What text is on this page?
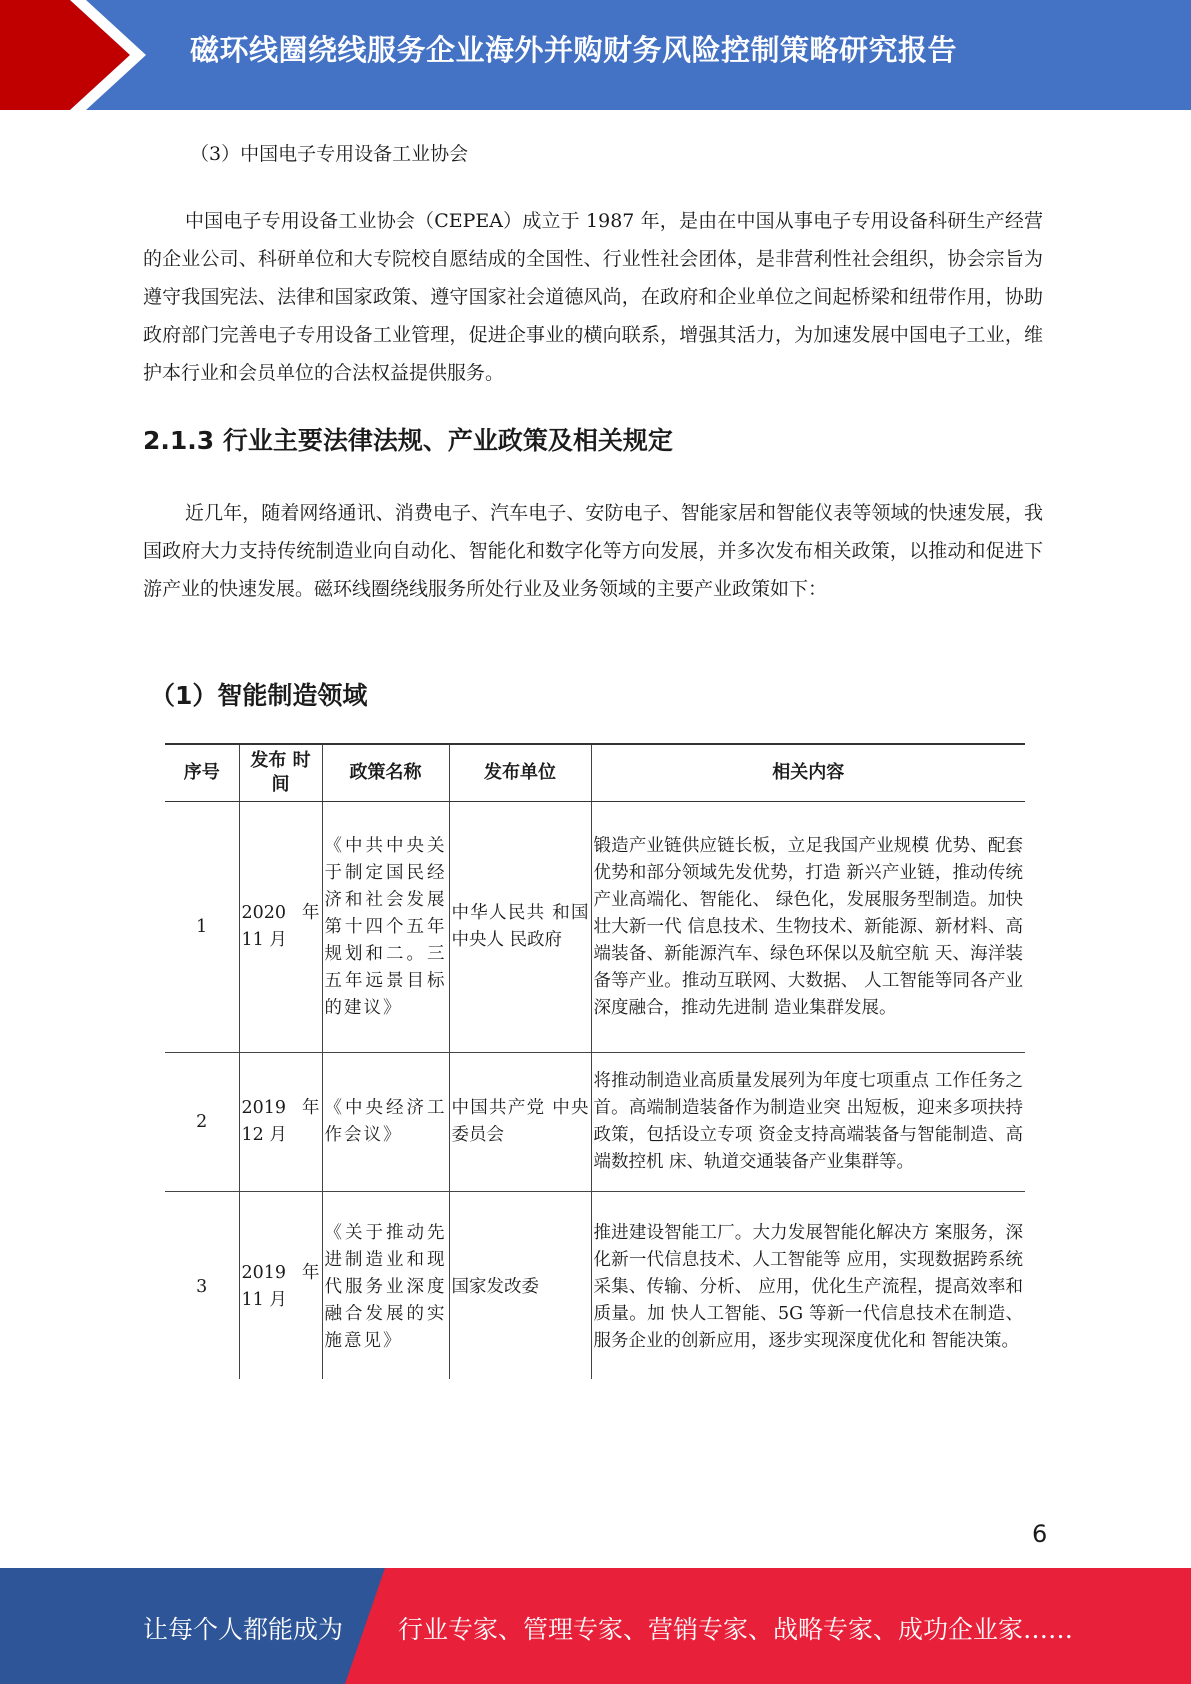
磁环线圈绕线服务企业海外并购财务风险控制策略研究报告
（3）中国电子专用设备工业协会

中国电子专用设备工业协会（CEPEA）成立于 1987 年，是由在中国从事电子专用设备科研生产经营的企业公司、科研单位和大专院校自愿结成的全国性、行业性社会团体，是非营利性社会组织，协会宗旨为遵守我国宪法、法律和国家政策、遵守国家社会道德风尚，在政府和企业单位之间起桥梁和纽带作用，协助政府部门完善电子专用设备工业管理，促进企事业的横向联系，增强其活力，为加速发展中国电子工业，维护本行业和会员单位的合法权益提供服务。

2.1.3 行业主要法律法规、产业政策及相关规定

近几年，随着网络通讯、消费电子、汽车电子、安防电子、智能家居和智能仪表等领域的快速发展，我国政府大力支持传统制造业向自动化、智能化和数字化等方向发展，并多次发布相关政策，以推动和促进下游产业的快速发展。磁环线圈绕线服务所处行业及业务领域的主要产业政策如下：

（1）智能制造领域
序号	发布 时间	政策名称	发布单位	相关内容
1	2020 年 11 月	《中共中央关于制定国民经济和社会发展第十四个五年规划和二。三五年远景目标的建议》	中华人民共 和国中央人 民政府	锻造产业链供应链长板，立足我国产业规模 优势、配套优势和部分领域先发优势，打造 新兴产业链，推动传统产业高端化、智能化、 绿色化，发展服务型制造。加快壮大新一代 信息技术、生物技术、新能源、新材料、高 端装备、新能源汽车、绿色环保以及航空航 天、海洋装备等产业。推动互联网、大数据、 人工智能等同各产业深度融合，推动先进制 造业集群发展。
2	2019 年 12 月	《中央经济工作会议》	中国共产党 中央委员会	将推动制造业高质量发展列为年度七项重点 工作任务之首。高端制造装备作为制造业突 出短板，迎来多项扶持政策，包括设立专项 资金支持高端装备与智能制造、高端数控机 床、轨道交通装备产业集群等。
3	2019 年 11 月	《关于推动先进制造业和现代服务业深度融合发展的实施意见》	国家发改委	推进建设智能工厂。大力发展智能化解决方 案服务，深化新一代信息技术、人工智能等 应用，实现数据跨系统采集、传输、分析、 应用，优化生产流程，提高效率和质量。加 快人工智能、5G 等新一代信息技术在制造、 服务企业的创新应用，逐步实现深度优化和 智能决策。
6
让每个人都能成为 行业专家、管理专家、营销专家、战略专家、成功企业家……
